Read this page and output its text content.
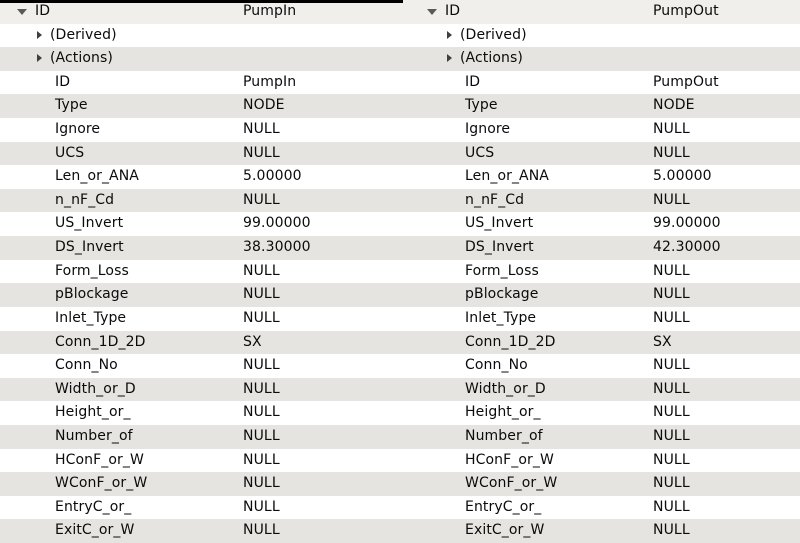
ID	PumpIn
(Derived)
(Actions)
ID	PumpIn
Type	NODE
Ignore	NULL
UCS	NULL
Len_or_ANA	5.00000
n_nF_Cd	NULL
US_Invert	99.00000
DS_Invert	38.30000
Form_Loss	NULL
pBlockage	NULL
Inlet_Type	NULL
Conn_1D_2D	SX
Conn_No	NULL
Width_or_D	NULL
Height_or_	NULL
Number_of	NULL
HConF_or_W	NULL
WConF_or_W	NULL
EntryC_or_	NULL
ExitC_or_W	NULL
ID	PumpOut
(Derived)
(Actions)
ID	PumpOut
Type	NODE
Ignore	NULL
UCS	NULL
Len_or_ANA	5.00000
n_nF_Cd	NULL
US_Invert	99.00000
DS_Invert	42.30000
Form_Loss	NULL
pBlockage	NULL
Inlet_Type	NULL
Conn_1D_2D	SX
Conn_No	NULL
Width_or_D	NULL
Height_or_	NULL
Number_of	NULL
HConF_or_W	NULL
WConF_or_W	NULL
EntryC_or_	NULL
ExitC_or_W	NULL
